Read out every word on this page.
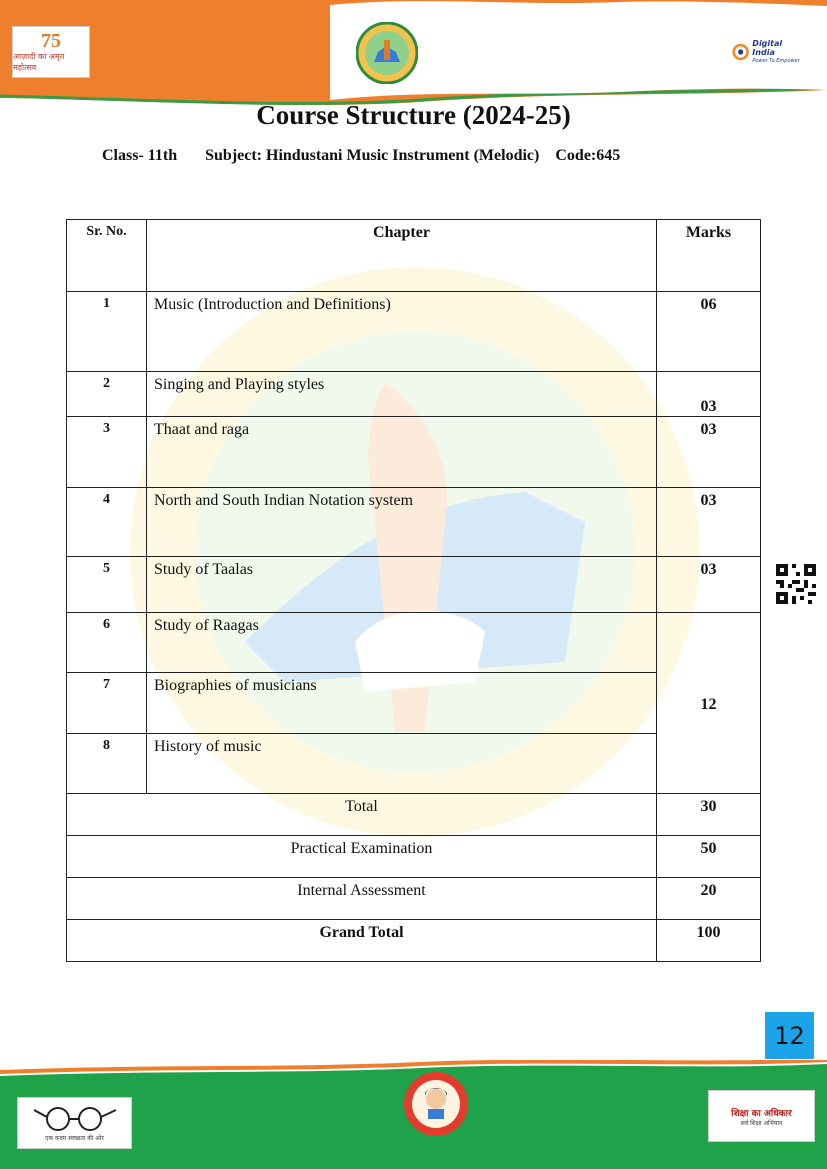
75
आज़ादी का अमृत महोत्सव
Digital India
Power To Empower
Course Structure (2024-25)
Class- 11th Subject: Hindustani Music Instrument (Melodic) Code:645
Sr. No.	Chapter	Marks
1	Music (Introduction and Definitions)	06
2	Singing and Playing styles	03
3	Thaat and raga	03
4	North and South Indian Notation system	03
5	Study of Taalas	03
6	Study of Raagas	12
7	Biographies of musicians	
8	History of music	
Total		30
Practical Examination		50
Internal Assessment		20
Grand Total		100
12
एक कदम स्वच्छता की ओर
शिक्षा का अधिकार
सर्व शिक्षा अभियान
